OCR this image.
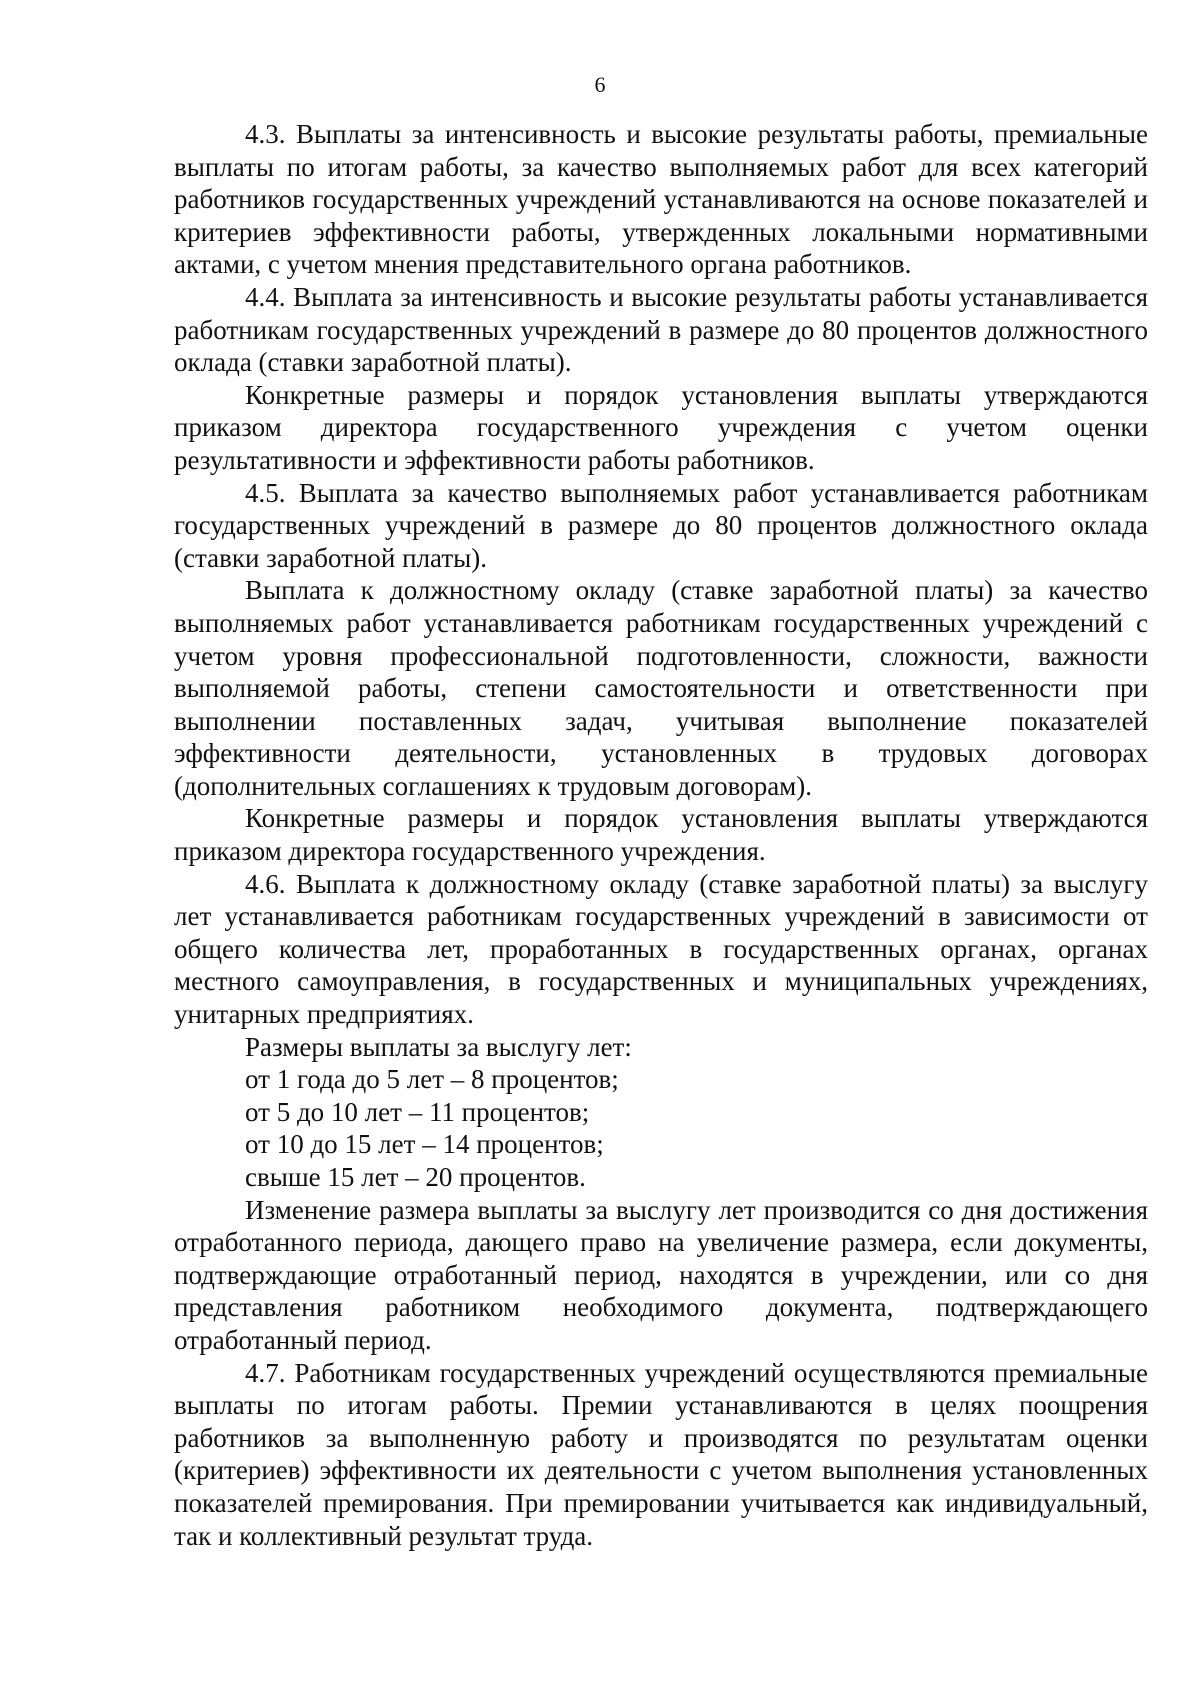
6

4.3. Выплаты за интенсивность и высокие результаты работы, премиальные выплаты по итогам работы, за качество выполняемых работ для всех категорий работников государственных учреждений устанавливаются на основе показателей и критериев эффективности работы, утвержденных локальными нормативными актами, с учетом мнения представительного органа работников.

4.4. Выплата за интенсивность и высокие результаты работы устанавливается работникам государственных учреждений в размере до 80 процентов должностного оклада (ставки заработной платы).

Конкретные размеры и порядок установления выплаты утверждаются приказом директора государственного учреждения с учетом оценки результативности и эффективности работы работников.

4.5. Выплата за качество выполняемых работ устанавливается работникам государственных учреждений в размере до 80 процентов должностного оклада (ставки заработной платы).

Выплата к должностному окладу (ставке заработной платы) за качество выполняемых работ устанавливается работникам государственных учреждений с учетом уровня профессиональной подготовленности, сложности, важности выполняемой работы, степени самостоятельности и ответственности при выполнении поставленных задач, учитывая выполнение показателей эффективности деятельности, установленных в трудовых договорах (дополнительных соглашениях к трудовым договорам).

Конкретные размеры и порядок установления выплаты утверждаются приказом директора государственного учреждения.

4.6. Выплата к должностному окладу (ставке заработной платы) за выслугу лет устанавливается работникам государственных учреждений в зависимости от общего количества лет, проработанных в государственных органах, органах местного самоуправления, в государственных и муниципальных учреждениях, унитарных предприятиях.

Размеры выплаты за выслугу лет:

от 1 года до 5 лет – 8 процентов;

от 5 до 10 лет – 11 процентов;

от 10 до 15 лет – 14 процентов;

свыше 15 лет – 20 процентов.

Изменение размера выплаты за выслугу лет производится со дня достижения отработанного периода, дающего право на увеличение размера, если документы, подтверждающие отработанный период, находятся в учреждении, или со дня представления работником необходимого документа, подтверждающего отработанный период.

4.7. Работникам государственных учреждений осуществляются премиальные выплаты по итогам работы. Премии устанавливаются в целях поощрения работников за выполненную работу и производятся по результатам оценки (критериев) эффективности их деятельности с учетом выполнения установленных показателей премирования. При премировании учитывается как индивидуальный, так и коллективный результат труда.
